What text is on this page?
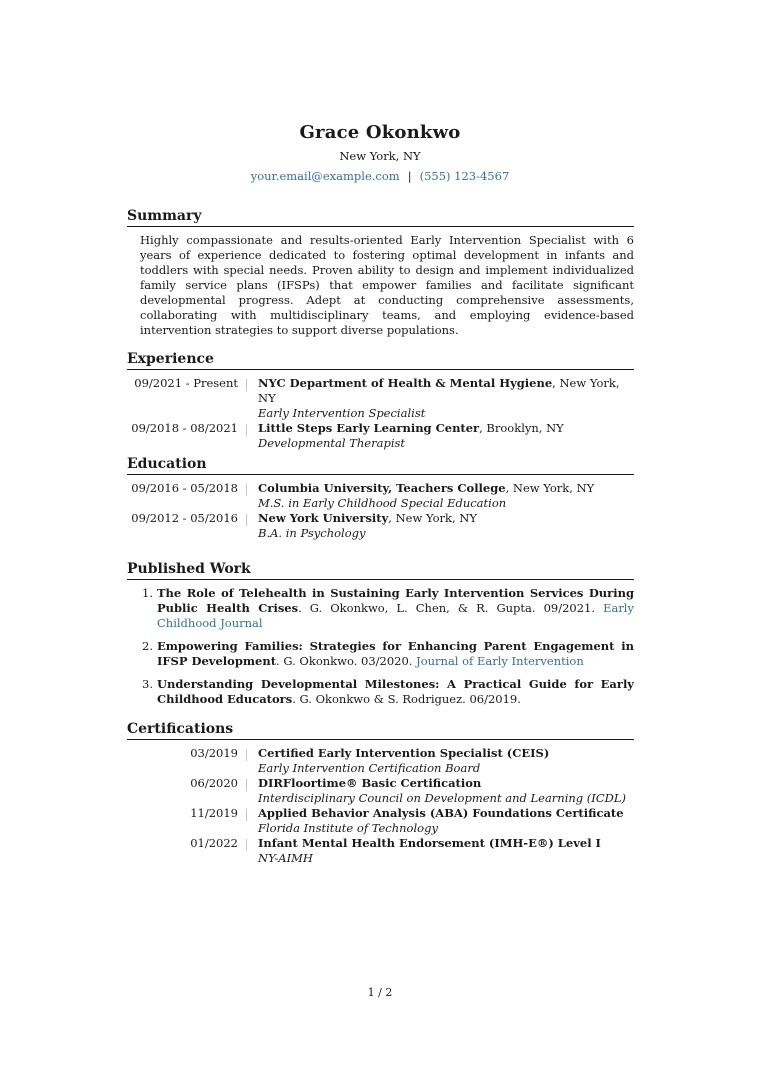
Grace Okonkwo
New York, NY
your.email@example.com | (555) 123-4567
Summary
Highly compassionate and results-oriented Early Intervention Specialist with 6 years of experience dedicated to fostering optimal development in infants and toddlers with special needs. Proven ability to design and implement individualized family service plans (IFSPs) that empower families and facilitate significant developmental progress. Adept at conducting comprehensive assessments, collaborating with multidisciplinary teams, and employing evidence-based intervention strategies to support diverse populations.
Experience
09/2021 - Present	NYC Department of Health & Mental Hygiene, New York, NY
Early Intervention Specialist
09/2018 - 08/2021	Little Steps Early Learning Center, Brooklyn, NY
Developmental Therapist
Education
09/2016 - 05/2018	Columbia University, Teachers College, New York, NY
M.S. in Early Childhood Special Education
09/2012 - 05/2016	New York University, New York, NY
B.A. in Psychology
Published Work
1. The Role of Telehealth in Sustaining Early Intervention Services During Public Health Crises. G. Okonkwo, L. Chen, & R. Gupta. 09/2021. Early Childhood Journal
2. Empowering Families: Strategies for Enhancing Parent Engagement in IFSP Development. G. Okonkwo. 03/2020. Journal of Early Intervention
3. Understanding Developmental Milestones: A Practical Guide for Early Childhood Educators. G. Okonkwo & S. Rodriguez. 06/2019.
Certifications
03/2019	Certified Early Intervention Specialist (CEIS)
Early Intervention Certification Board
06/2020	DIRFloortime® Basic Certification
Interdisciplinary Council on Development and Learning (ICDL)
11/2019	Applied Behavior Analysis (ABA) Foundations Certificate
Florida Institute of Technology
01/2022	Infant Mental Health Endorsement (IMH-E®) Level I
NY-AIMH
1 / 2
